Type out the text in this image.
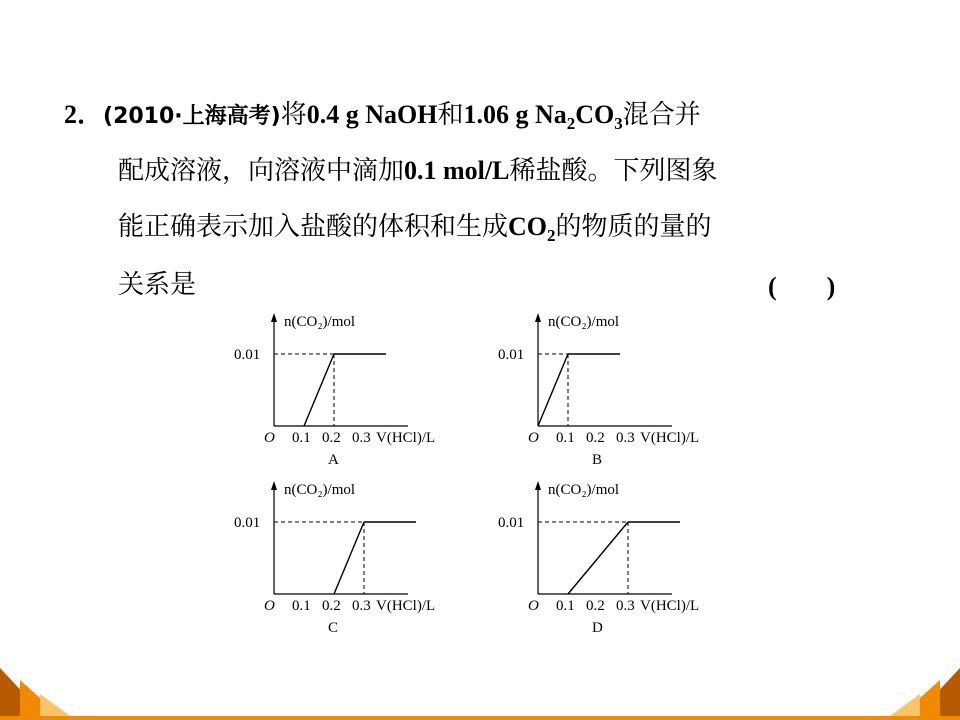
2．(2010·上海高考)将0.4 g NaOH和1.06 g $Na_2CO_3$混合并
配成溶液，向溶液中滴加0.1 mol/L稀盐酸。下列图象
能正确表示加入盐酸的体积和生成$CO_2$的物质的量的
关系是	( )
n(CO₂)/mol
0.01
O 0.1 0.2 0.3 V(HCl)/L
A
n(CO₂)/mol
0.01
O 0.1 0.2 0.3 V(HCl)/L
B
n(CO₂)/mol
0.01
O 0.1 0.2 0.3 V(HCl)/L
C
n(CO₂)/mol
0.01
O 0.1 0.2 0.3 V(HCl)/L
D
